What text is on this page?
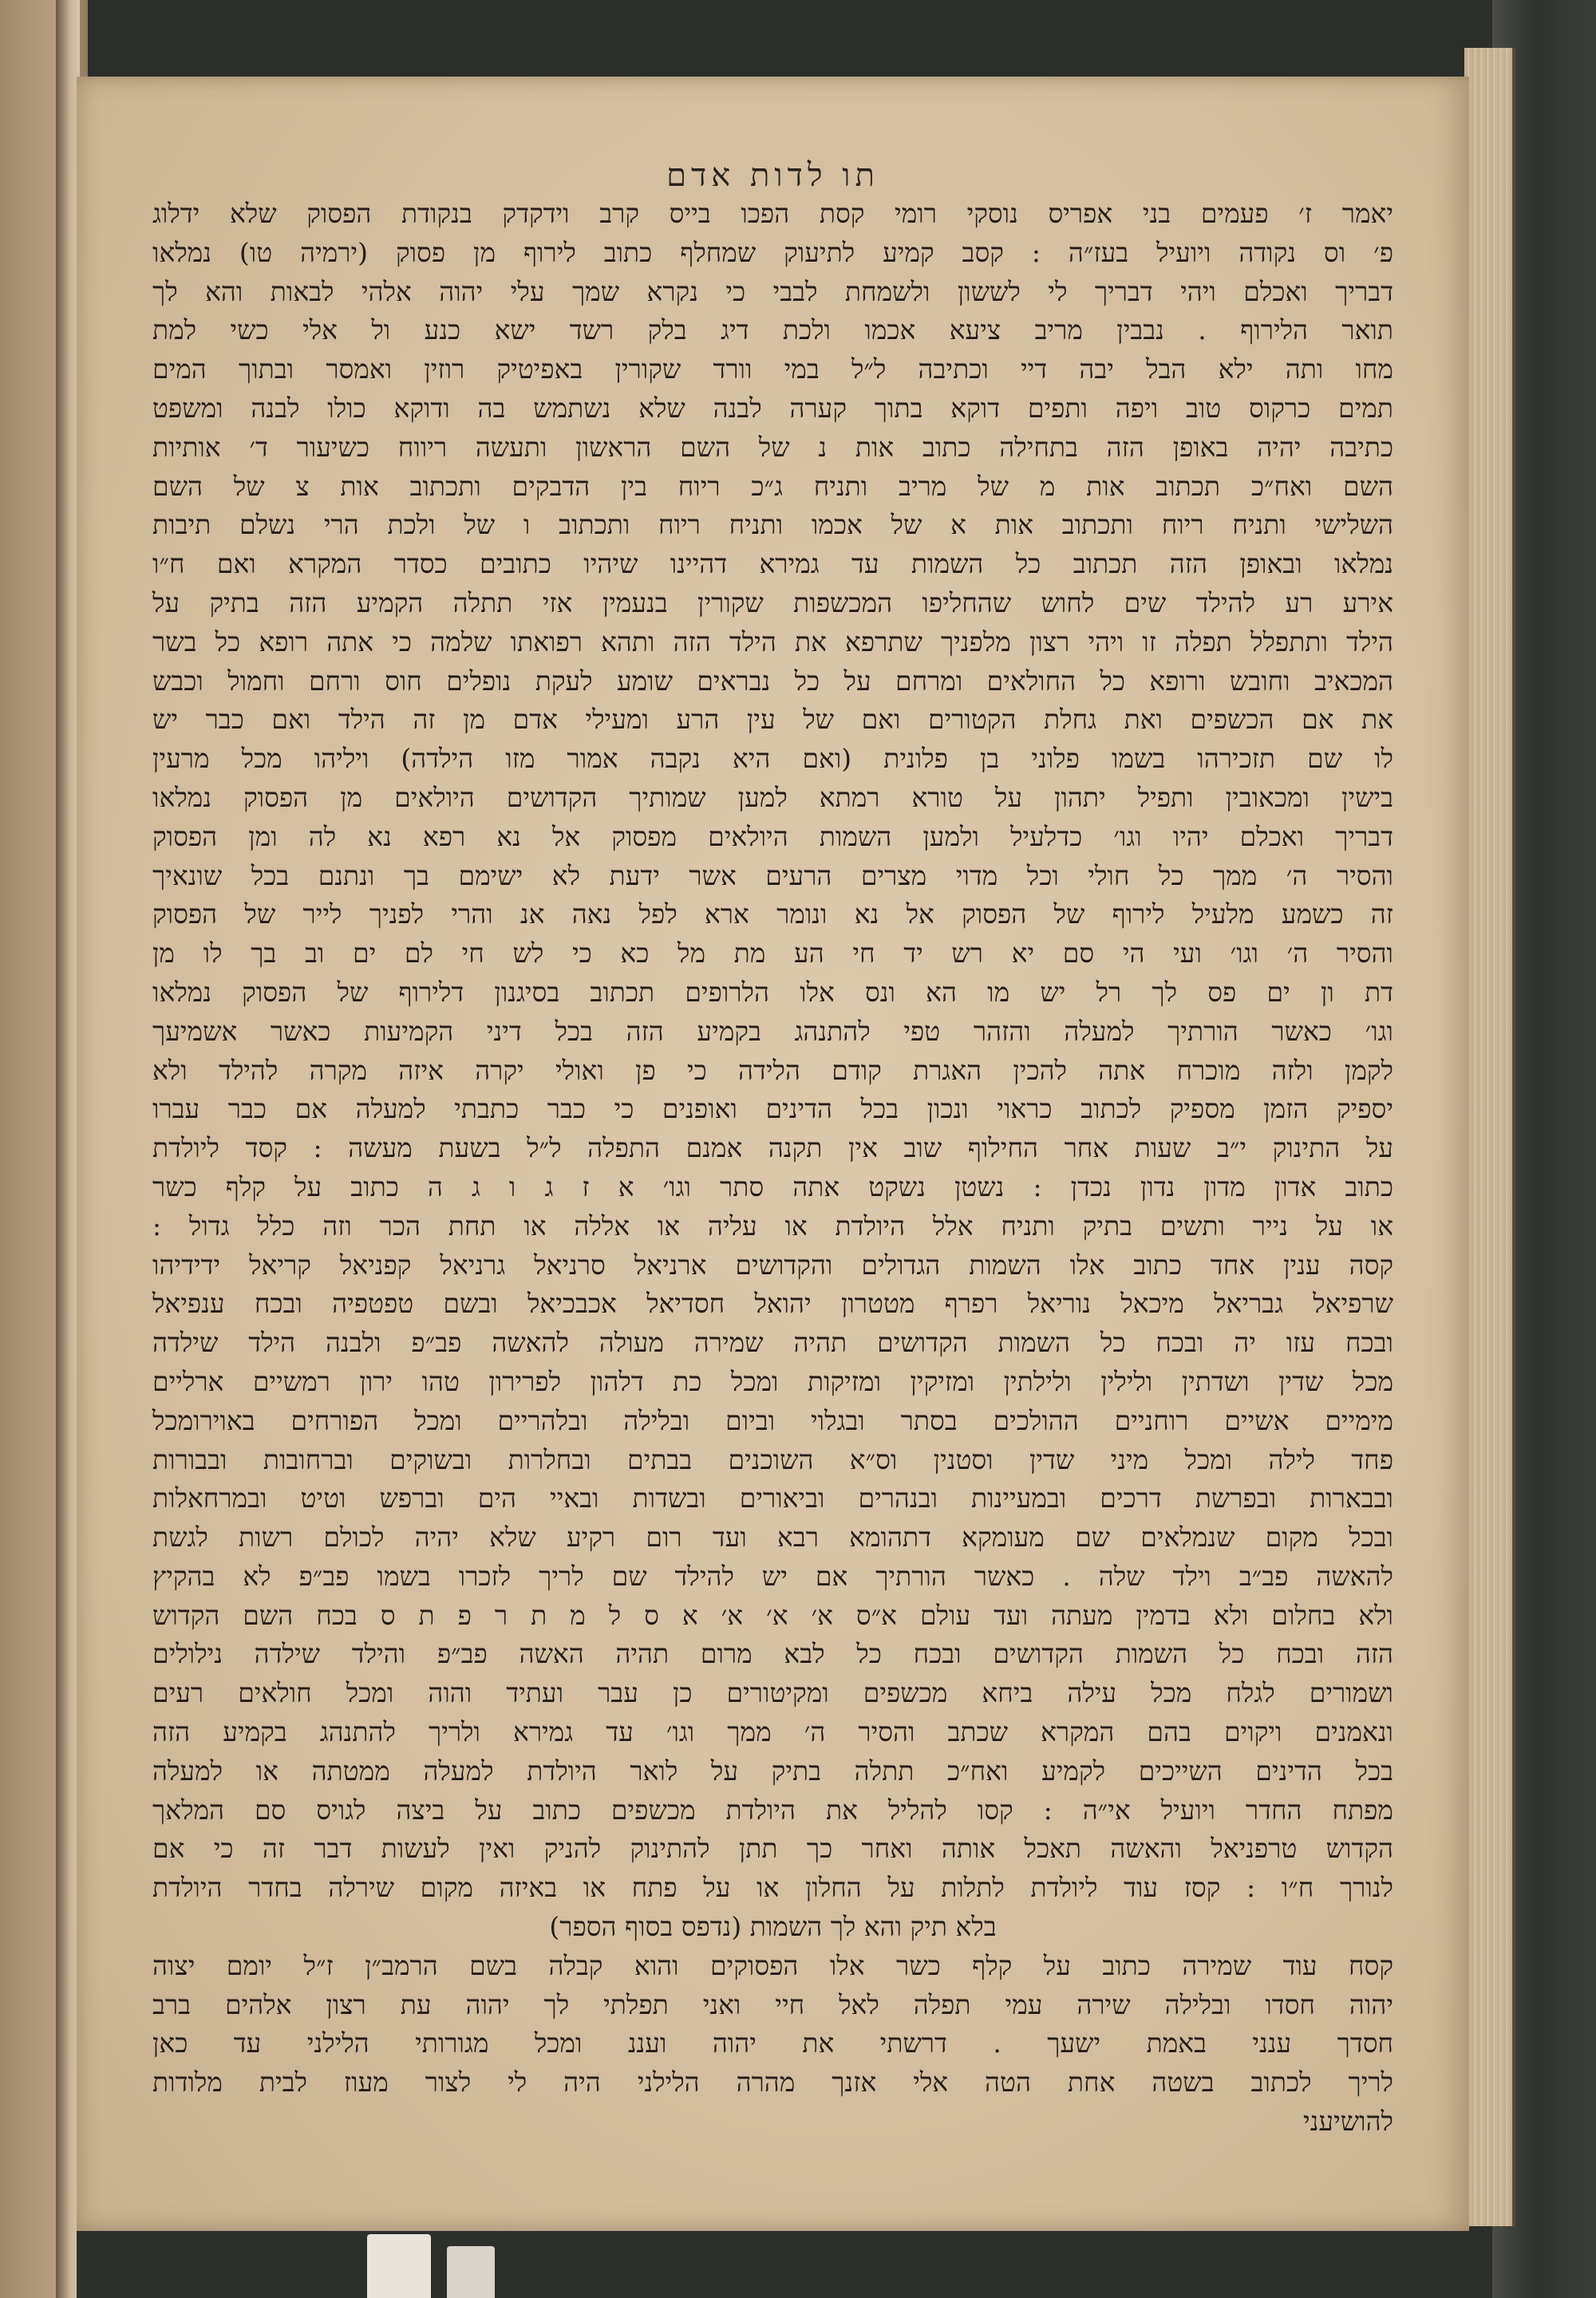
תו לדות אדם
יאמר ז׳ פעמים בני אפריס נוסקי רומי קסת הפכו בייס קרב וידקדק בנקודת הפסוק שלא ידלוג
פ׳ וס נקודה ויועיל בעז״ה : קסב קמיע לתיעוק שמחלף כתוב לירוף מן פסוק (ירמיה טו) נמלאו
דבריך ואכלם ויהי דבריך לי לששון ולשמחת לבבי כי נקרא שמך עלי יהוה אלהי לבאות והא לך
תואר הלירוף . נבבין מריב ציעא אכמו ולכת דיג בלק רשד ישא כנע ול אלי כשי למת
מחו ותה ילא הבל יבה דיי וכתיבה ל״ל במי וורד שקורין באפיטיק רוזין ואמסר ובתוך המים
תמים כרקוס טוב ויפה ותפים דוקא בתוך קערה לבנה שלא נשתמש בה ודוקא כולו לבנה ומשפט
כתיבה יהיה באופן הזה בתחילה כתוב אות נ של השם הראשון ותעשה ריווח כשיעור ד׳ אותיות
השם ואח״כ תכתוב אות מ של מריב ותניח ג״כ ריוח בין הדבקים ותכתוב אות צ של השם
השלישי ותניח ריוח ותכתוב אות א של אכמו ותניח ריוח ותכתוב ו של ולכת הרי נשלם תיבות
נמלאו ובאופן הזה תכתוב כל השמות עד גמירא דהיינו שיהיו כתובים כסדר המקרא ואם ח״ו
אירע רע להילד שים לחוש שהחליפו המכשפות שקורין בנעמין אזי תתלה הקמיע הזה בתיק על
הילד ותתפלל תפלה זו ויהי רצון מלפניך שתרפא את הילד הזה ותהא רפואתו שלמה כי אתה רופא כל בשר
המכאיב וחובש ורופא כל החולאים ומרחם על כל נבראים שומע לעקת נופלים חוס ורחם וחמול וכבש
את אם הכשפים ואת גחלת הקטורים ואם של עין הרע ומעילי אדם מן זה הילד ואם כבר יש
לו שם תזכירהו בשמו פלוני בן פלונית (ואם היא נקבה אמור מזו הילדה) ויליהו מכל מרעין
בישין ומכאובין ותפיל יתהון על טורא רמתא למען שמותיך הקדושים היולאים מן הפסוק נמלאו
דבריך ואכלם יהיו וגו׳ כדלעיל ולמען השמות היולאים מפסוק אל נא רפא נא לה ומן הפסוק
והסיר ה׳ ממך כל חולי וכל מדוי מצרים הרעים אשר ידעת לא ישימם בך ונתנם בכל שונאיך
זה כשמע מלעיל לירוף של הפסוק אל נא ונומר ארא לפל נאה אנ והרי לפניך לייר של הפסוק
והסיר ה׳ וגו׳ ועי הי סם יא רש יד חי הע מת מל כא כי לש חי לם ים וב בך לו מן
דת ון ים פס לך רל יש מו הא ונס אלו הלרופים תכתוב בסיגנון דלירוף של הפסוק נמלאו
וגו׳ כאשר הורתיך למעלה והזהר טפי להתנהג בקמיע הזה בכל דיני הקמיעות כאשר אשמיעך
לקמן ולזה מוכרח אתה להכין האגרת קודם הלידה כי פן ואולי יקרה איזה מקרה להילד ולא
יספיק הזמן מספיק לכתוב כראוי ונכון בכל הדינים ואופנים כי כבר כתבתי למעלה אם כבר עברו
על התינוק י״ב שעות אחר החילוף שוב אין תקנה אמנם התפלה ל״ל בשעת מעשה : קסד ליולדת
כתוב אדון מדון נדון נכדן : נשטן נשקט אתה סתר וגו׳ א ז ג ו ג ה כתוב על קלף כשר
או על נייר ותשים בתיק ותניח אלל היולדת או עליה או אללה או תחת הכר וזה כלל גדול :
קסה ענין אחד כתוב אלו השמות הגדולים והקדושים ארניאל סרניאל גרניאל קפניאל קריאל ידידיהו
שרפיאל גבריאל מיכאל נוריאל רפרף מטטרון יהואל חסדיאל אכבכיאל ובשם טפטפיה ובכח ענפיאל
ובכח עזו יה ובכח כל השמות הקדושים תהיה שמירה מעולה להאשה פב״פ ולבנה הילד שילדה
מכל שדין ושדתין ולילין ולילתין ומזיקין ומזיקות ומכל כת דלהון לפרירון טהו ירון רמשיים ארליים
מימיים אשיים רוחניים ההולכים בסתר ובגלוי וביום ובלילה ובלהריים ומכל הפורחים באוירומכל
פחד לילה ומכל מיני שדין וסטנין וס״א השוכנים בבתים ובחלרות ובשוקים וברחובות ובבורות
ובבארות ובפרשת דרכים ובמעיינות ובנהרים וביאורים ובשדות ובאיי הים וברפש וטיט ובמרחאלות
ובכל מקום שנמלאים שם מעומקא דתהומא רבא ועד רום רקיע שלא יהיה לכולם רשות לגשת
להאשה פב״ב וילד שלה . כאשר הורתיך אם יש להילד שם לריך לזכרו בשמו פב״פ לא בהקיץ
ולא בחלום ולא בדמין מעתה ועד עולם א״ס א׳ א׳ א׳ א ס ל מ ת ר פ ת ס בכח השם הקדוש
הזה ובכח כל השמות הקדושים ובכח כל לבא מרום תהיה האשה פב״פ והילד שילדה נילולים
ושמורים לגלח מכל עילה ביחא מכשפים ומקיטורים כן עבר ועתיד והוה ומכל חולאים רעים
ונאמנים ויקוים בהם המקרא שכתב והסיר ה׳ ממך וגו׳ עד גמירא ולריך להתנהג בקמיע הזה
בכל הדינים השייכים לקמיע ואח״כ תתלה בתיק על לואר היולדת למעלה ממטתה או למעלה
מפתח החדר ויועיל אי״ה : קסו להליל את היולדת מכשפים כתוב על ביצה לגויס סם המלאך
הקדוש טרפניאל והאשה תאכל אותה ואחר כך תתן להתינוק להניק ואין לעשות דבר זה כי אם
לנורך ח״ו : קסז עוד ליולדת לתלות על החלון או על פתח או באיזה מקום שירלה בחדר היולדת
בלא תיק והא לך השמות (נדפס בסוף הספר)
קסח עוד שמירה כתוב על קלף כשר אלו הפסוקים והוא קבלה בשם הרמב״ן ז״ל יומם יצוה
יהוה חסדו ובלילה שירה עמי תפלה לאל חיי ואני תפלתי לך יהוה עת רצון אלהים ברב
חסדך ענני באמת ישעך . דרשתי את יהוה ועננ ומכל מגורותי הלילני עד כאן
לריך לכתוב בשטה אחת הטה אלי אזנך מהרה הלילני היה לי לצור מעוז לבית מלודות
להושיעני
